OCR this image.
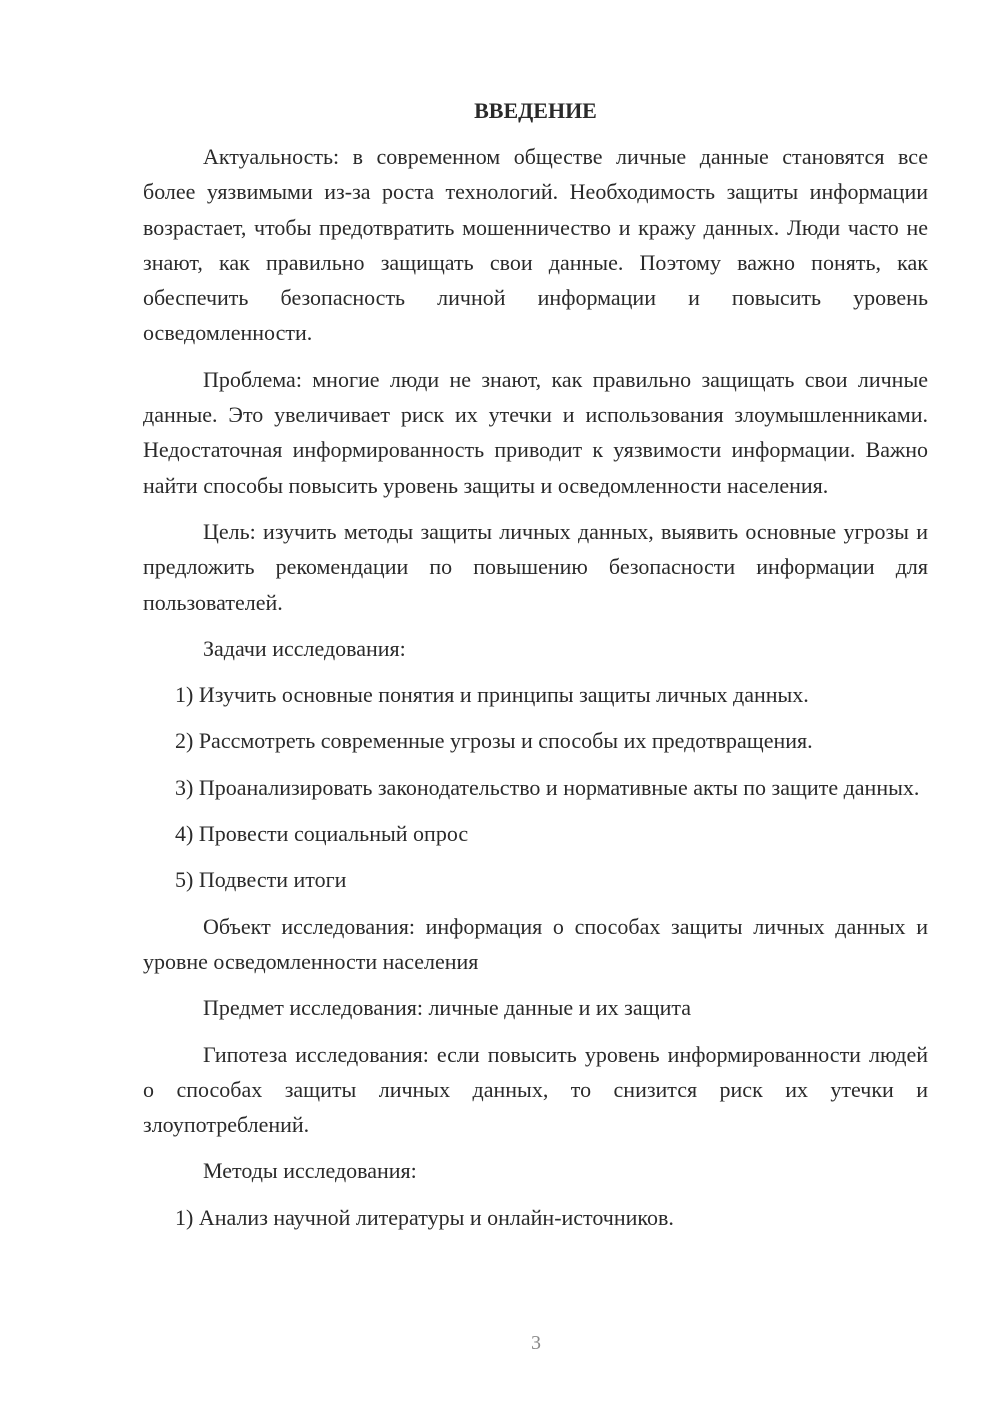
ВВЕДЕНИЕ

Актуальность: в современном обществе личные данные становятся все более уязвимыми из-за роста технологий. Необходимость защиты информации возрастает, чтобы предотвратить мошенничество и кражу данных. Люди часто не знают, как правильно защищать свои данные. Поэтому важно понять, как обеспечить безопасность личной информации и повысить уровень осведомленности.

Проблема: многие люди не знают, как правильно защищать свои личные данные. Это увеличивает риск их утечки и использования злоумышленниками. Недостаточная информированность приводит к уязвимости информации. Важно найти способы повысить уровень защиты и осведомленности населения.

Цель: изучить методы защиты личных данных, выявить основные угрозы и предложить рекомендации по повышению безопасности информации для пользователей.

Задачи исследования:

1) Изучить основные понятия и принципы защиты личных данных.

2) Рассмотреть современные угрозы и способы их предотвращения.

3) Проанализировать законодательство и нормативные акты по защите данных.

4) Провести социальный опрос

5) Подвести итоги

Объект исследования: информация о способах защиты личных данных и уровне осведомленности населения

Предмет исследования: личные данные и их защита

Гипотеза исследования: если повысить уровень информированности людей о способах защиты личных данных, то снизится риск их утечки и злоупотреблений.

Методы исследования:

1) Анализ научной литературы и онлайн-источников.

3
